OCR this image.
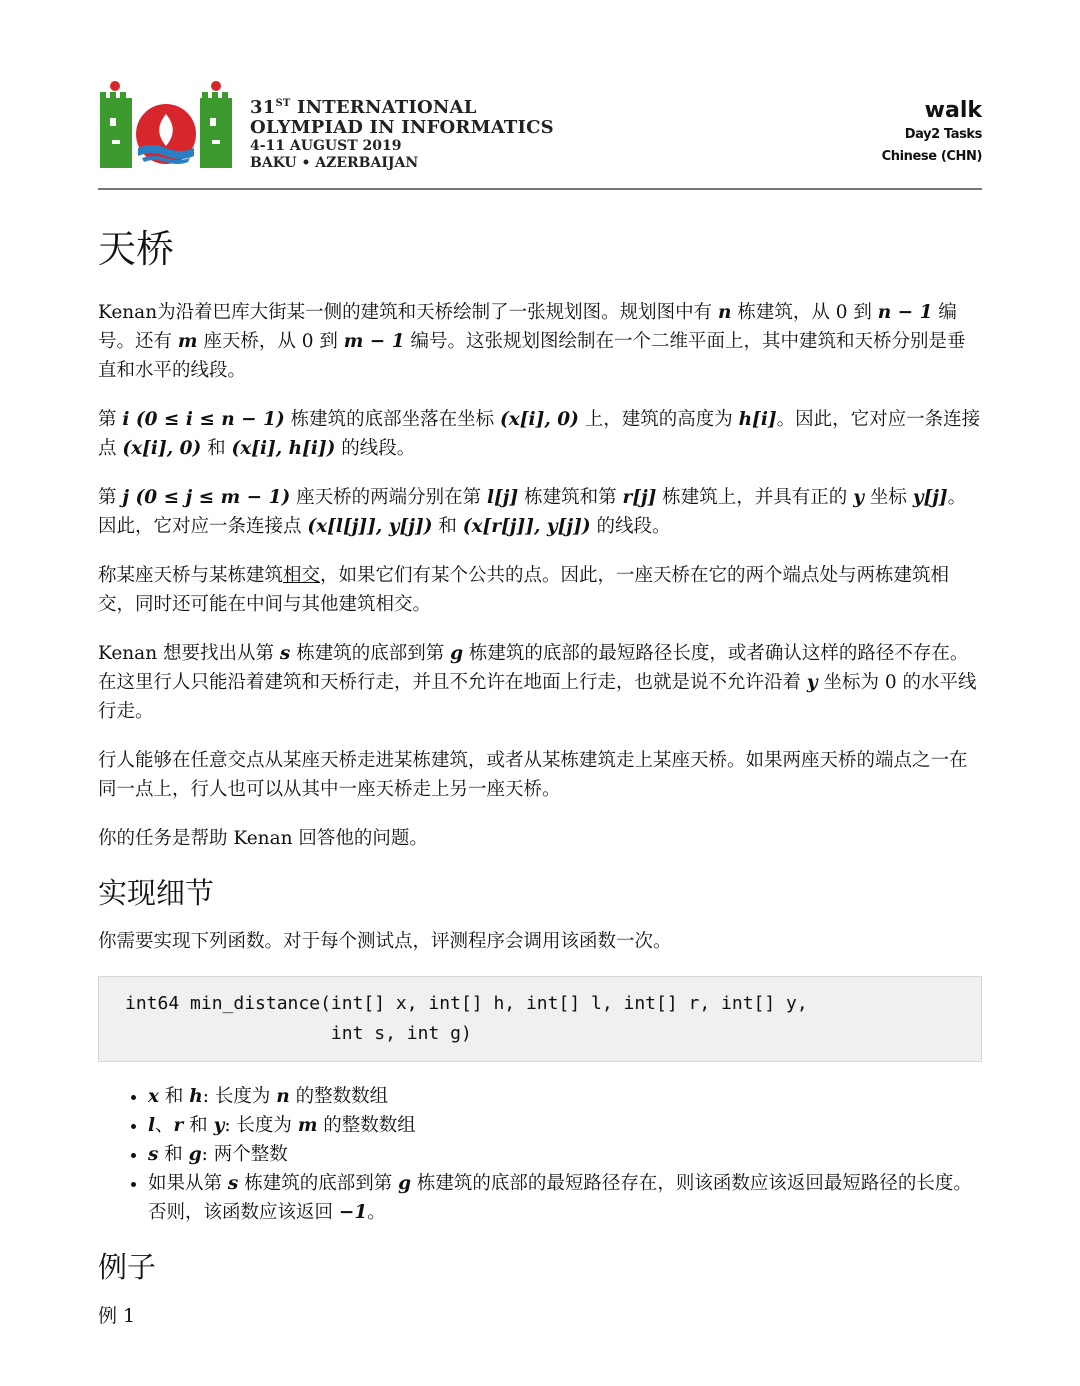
31ST INTERNATIONAL
OLYMPIAD IN INFORMATICS
4-11 AUGUST 2019
BAKU • AZERBAIJAN
walk
Day2 Tasks
Chinese (CHN)
天桥

Kenan为沿着巴库大街某一侧的建筑和天桥绘制了一张规划图。规划图中有 n 栋建筑，从 0 到 n − 1 编号。还有 m 座天桥，从 0 到 m − 1 编号。这张规划图绘制在一个二维平面上，其中建筑和天桥分别是垂直和水平的线段。

第 i (0 ≤ i ≤ n − 1) 栋建筑的底部坐落在坐标 (x[i], 0) 上，建筑的高度为 h[i]。因此，它对应一条连接点 (x[i], 0) 和 (x[i], h[i]) 的线段。

第 j (0 ≤ j ≤ m − 1) 座天桥的两端分别在第 l[j] 栋建筑和第 r[j] 栋建筑上，并具有正的 y 坐标 y[j]。因此，它对应一条连接点 (x[l[j]], y[j]) 和 (x[r[j]], y[j]) 的线段。

称某座天桥与某栋建筑相交，如果它们有某个公共的点。因此，一座天桥在它的两个端点处与两栋建筑相交，同时还可能在中间与其他建筑相交。

Kenan 想要找出从第 s 栋建筑的底部到第 g 栋建筑的底部的最短路径长度，或者确认这样的路径不存在。在这里行人只能沿着建筑和天桥行走，并且不允许在地面上行走，也就是说不允许沿着 y 坐标为 0 的水平线行走。

行人能够在任意交点从某座天桥走进某栋建筑，或者从某栋建筑走上某座天桥。如果两座天桥的端点之一在同一点上，行人也可以从其中一座天桥走上另一座天桥。

你的任务是帮助 Kenan 回答他的问题。

实现细节

你需要实现下列函数。对于每个测试点，评测程序会调用该函数一次。

int64 min_distance(int[] x, int[] h, int[] l, int[] r, int[] y,
int s, int g)
• x 和 h: 长度为 n 的整数数组
• l、r 和 y: 长度为 m 的整数数组
• s 和 g: 两个整数
• 如果从第 s 栋建筑的底部到第 g 栋建筑的底部的最短路径存在，则该函数应该返回最短路径的长度。否则，该函数应该返回 −1。
例子
例 1
